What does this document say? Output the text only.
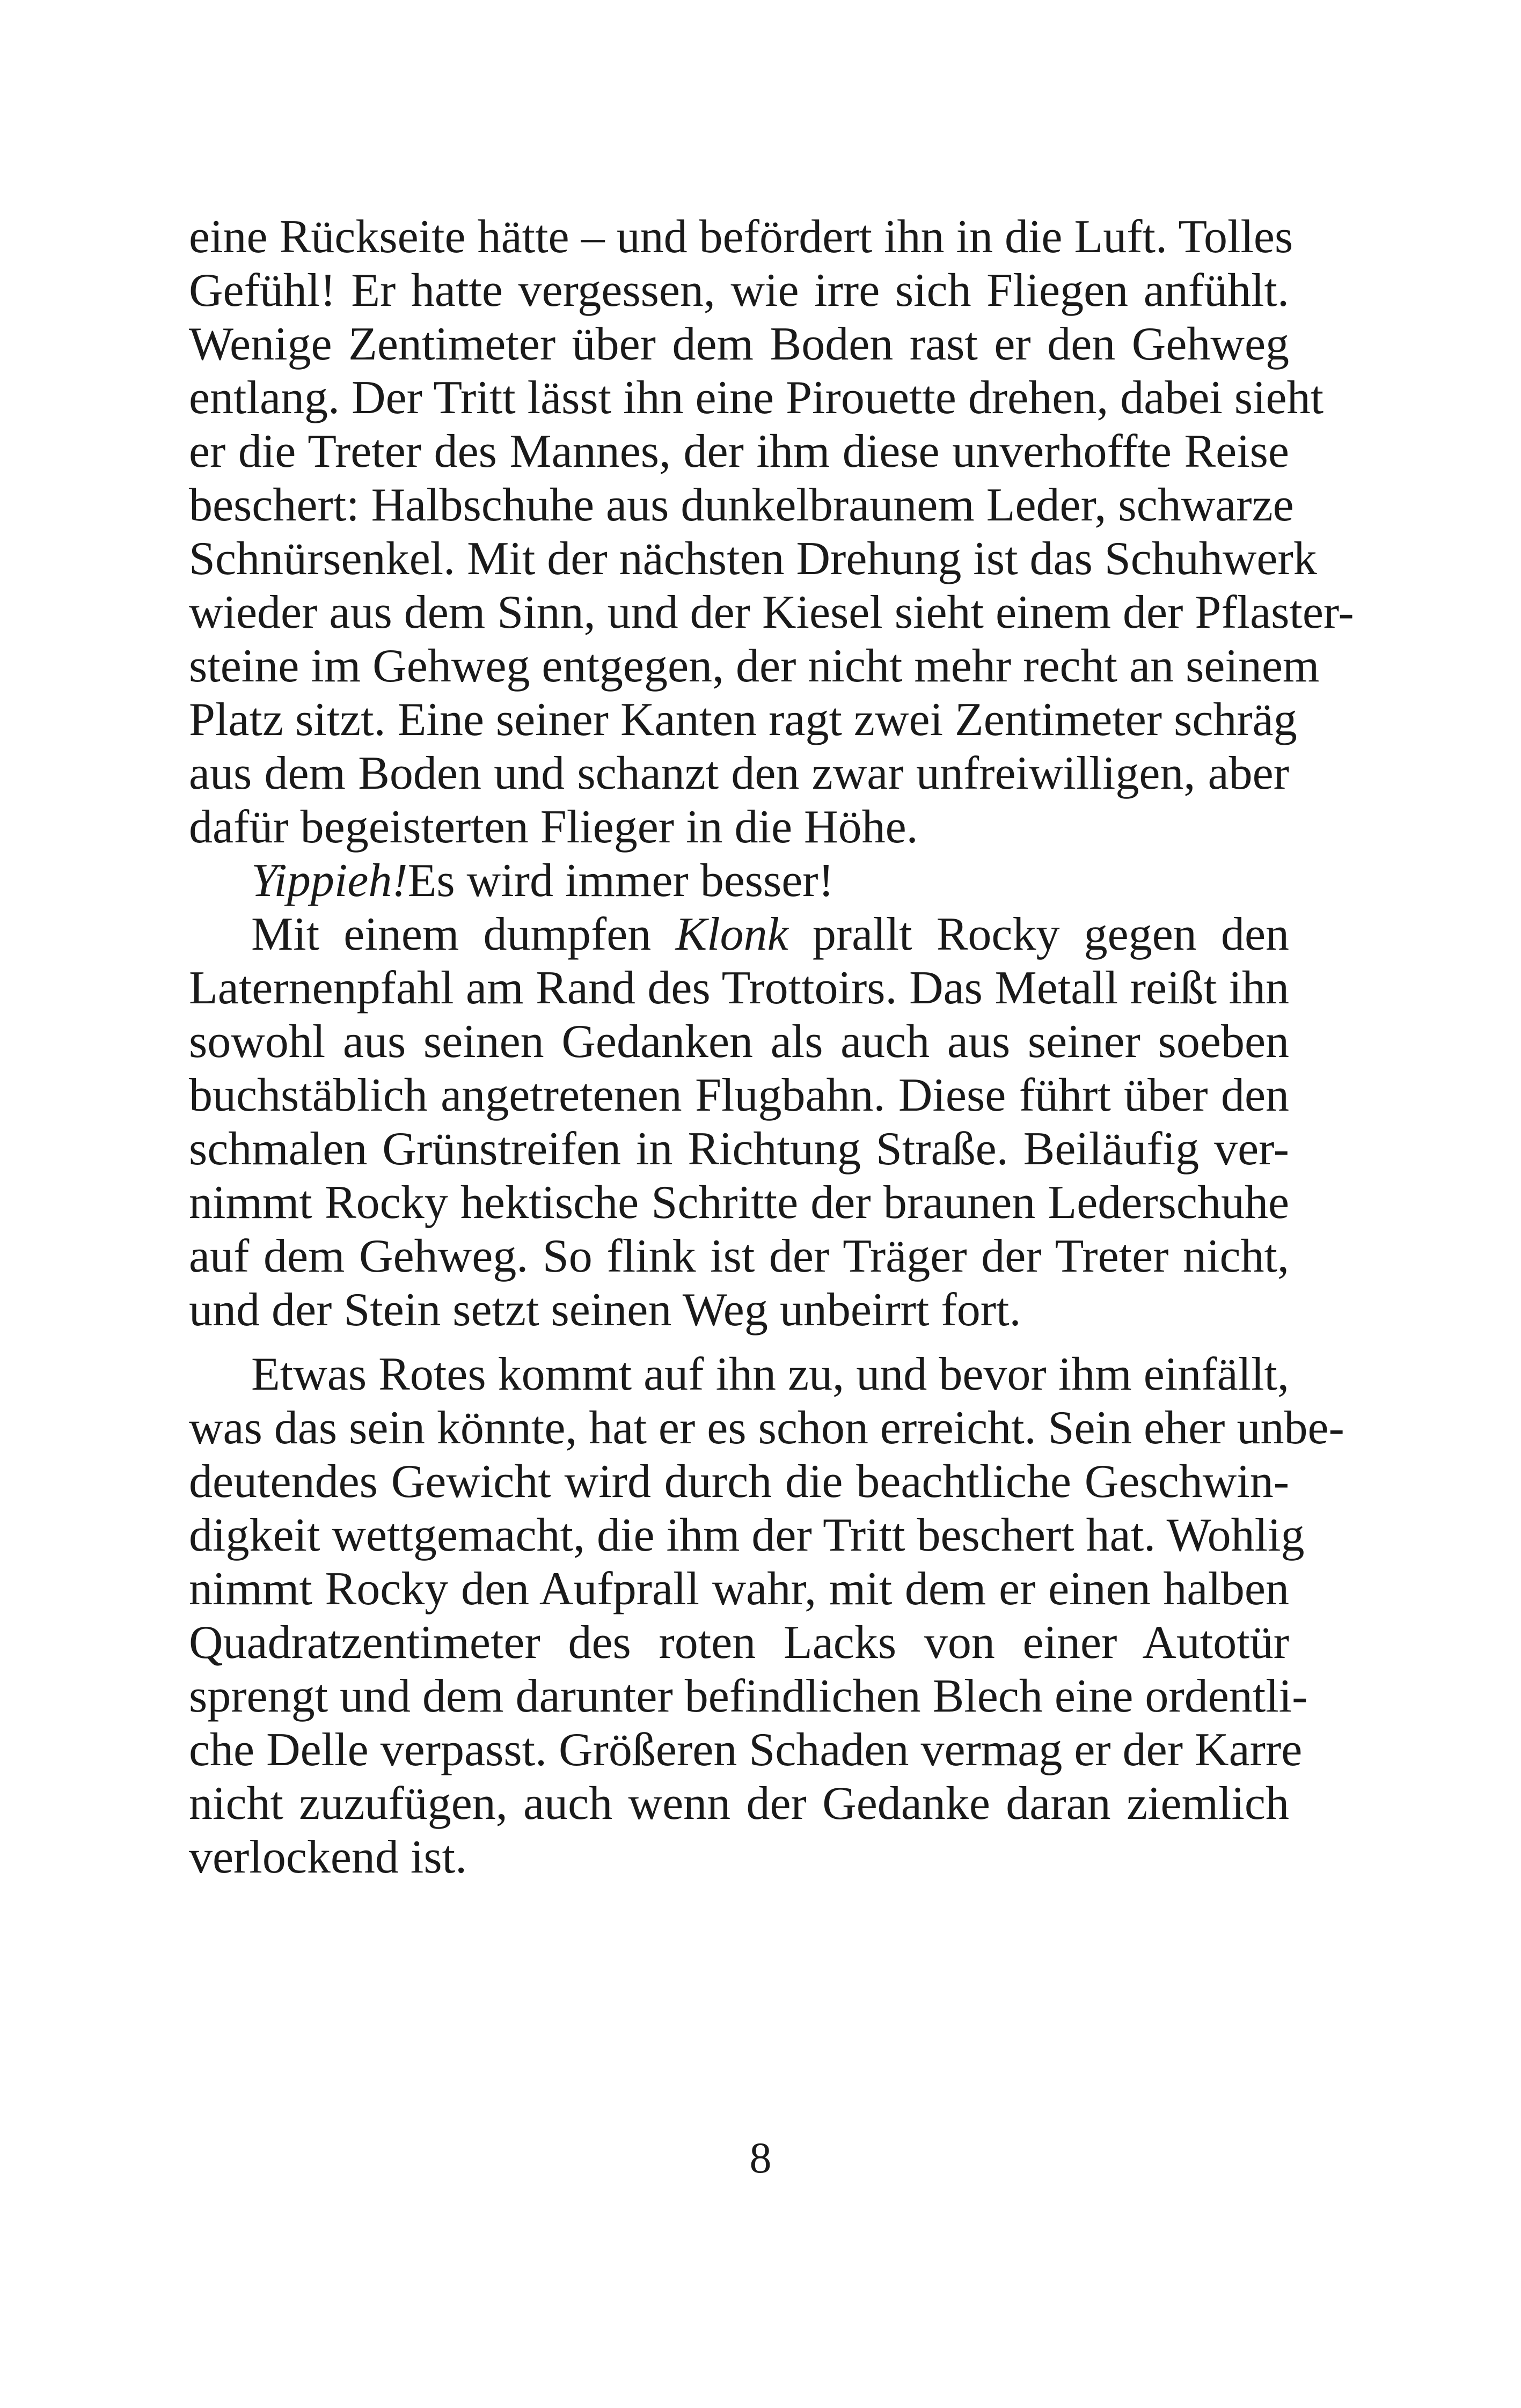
eine Rückseite hätte – und befördert ihn in die Luft. Tolles
Gefühl! Er hatte vergessen, wie irre sich Fliegen anfühlt.
Wenige Zentimeter über dem Boden rast er den Gehweg
entlang. Der Tritt lässt ihn eine Pirouette drehen, dabei sieht
er die Treter des Mannes, der ihm diese unverhoffte Reise
beschert: Halbschuhe aus dunkelbraunem Leder, schwarze
Schnürsenkel. Mit der nächsten Drehung ist das Schuhwerk
wieder aus dem Sinn, und der Kiesel sieht einem der Pflaster-
steine im Gehweg entgegen, der nicht mehr recht an seinem
Platz sitzt. Eine seiner Kanten ragt zwei Zentimeter schräg
aus dem Boden und schanzt den zwar unfreiwilligen, aber
dafür begeisterten Flieger in die Höhe.
Yippieh!Es wird immer besser!
Mit einem dumpfen Klonk prallt Rocky gegen den
Laternenpfahl am Rand des Trottoirs. Das Metall reißt ihn
sowohl aus seinen Gedanken als auch aus seiner soeben
buchstäblich angetretenen Flugbahn. Diese führt über den
schmalen Grünstreifen in Richtung Straße. Beiläufig ver-
nimmt Rocky hektische Schritte der braunen Lederschuhe
auf dem Gehweg. So flink ist der Träger der Treter nicht,
und der Stein setzt seinen Weg unbeirrt fort.
Etwas Rotes kommt auf ihn zu, und bevor ihm einfällt,
was das sein könnte, hat er es schon erreicht. Sein eher unbe-
deutendes Gewicht wird durch die beachtliche Geschwin-
digkeit wettgemacht, die ihm der Tritt beschert hat. Wohlig
nimmt Rocky den Aufprall wahr, mit dem er einen halben
Quadratzentimeter des roten Lacks von einer Autotür
sprengt und dem darunter befindlichen Blech eine ordentli-
che Delle verpasst. Größeren Schaden vermag er der Karre
nicht zuzufügen, auch wenn der Gedanke daran ziemlich
verlockend ist.
8
